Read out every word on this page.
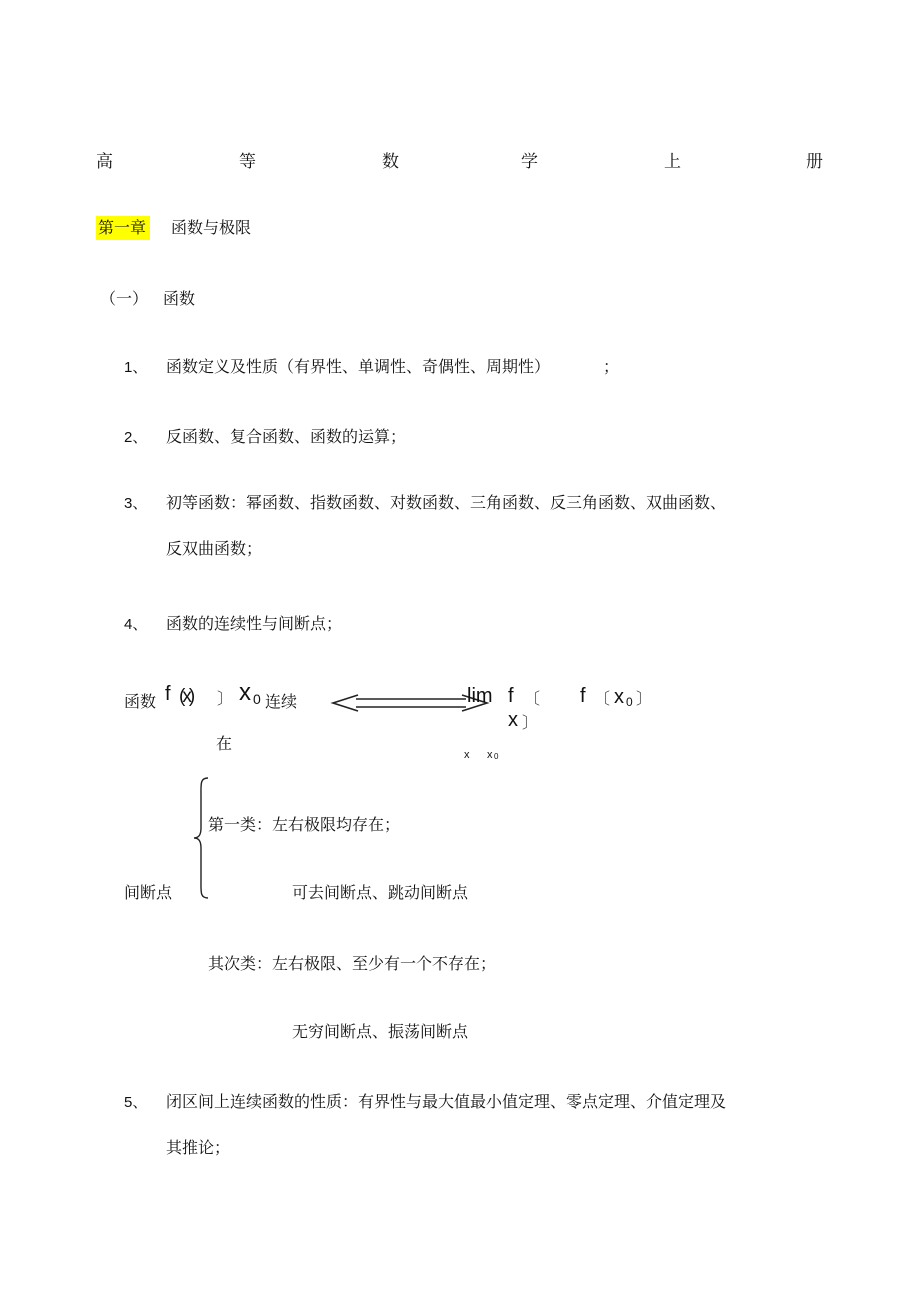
高	等	数	学	上	册
第一章 函数与极限
（一） 函数
1、 函数定义及性质（有界性、单调性、奇偶性、周期性）	；
2、 反函数、复合函数、函数的运算；
3、 初等函数：幂函数、指数函数、对数函数、三角函数、反三角函数、双曲函数、
反双曲函数；
4、 函数的连续性与间断点；
函数 f (x) 〕 x 0 连续
在
lim f 〔
x 〕
f 〔 x 0 〕
x x 0
间断点
第一类：左右极限均存在；
可去间断点、跳动间断点
其次类：左右极限、至少有一个不存在；
无穷间断点、振荡间断点
5、 闭区间上连续函数的性质：有界性与最大值最小值定理、零点定理、介值定理及
其推论；
